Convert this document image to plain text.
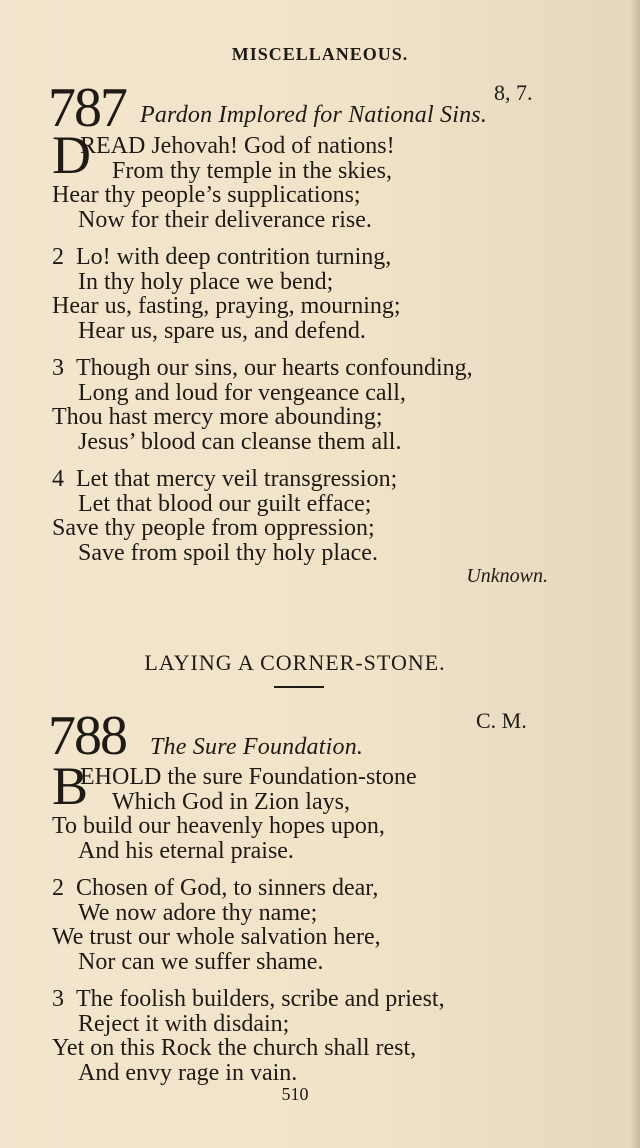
MISCELLANEOUS.
787	8, 7.
Pardon Implored for National Sins.
D
READ Jehovah! God of nations!
From thy temple in the skies,
Hear thy people’s supplications;
Now for their deliverance rise.
2 Lo! with deep contrition turning,
In thy holy place we bend;
Hear us, fasting, praying, mourning;
Hear us, spare us, and defend.
3 Though our sins, our hearts confounding,
Long and loud for vengeance call,
Thou hast mercy more abounding;
Jesus’ blood can cleanse them all.
4 Let that mercy veil transgression;
Let that blood our guilt efface;
Save thy people from oppression;
Save from spoil thy holy place.
Unknown.
LAYING A CORNER-STONE.
788	C. M.
The Sure Foundation.
B
EHOLD the sure Foundation-stone
Which God in Zion lays,
To build our heavenly hopes upon,
And his eternal praise.
2 Chosen of God, to sinners dear,
We now adore thy name;
We trust our whole salvation here,
Nor can we suffer shame.
3 The foolish builders, scribe and priest,
Reject it with disdain;
Yet on this Rock the church shall rest,
And envy rage in vain.
510
